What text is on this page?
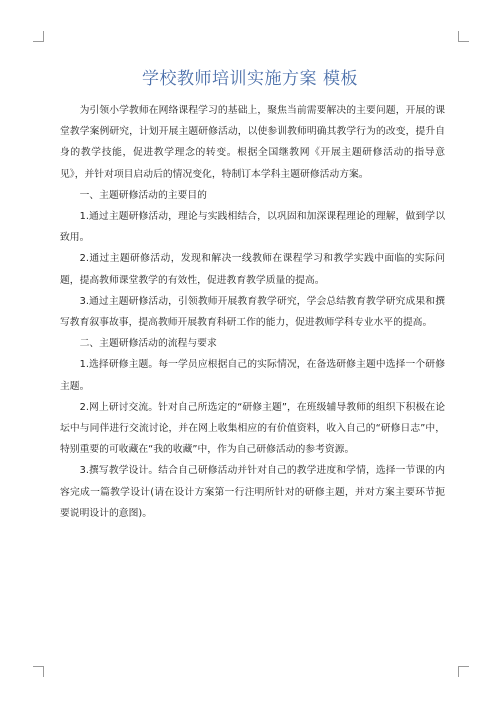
学校教师培训实施方案 模板

为引领小学教师在网络课程学习的基础上，聚焦当前需要解决的主要问题，开展的课堂教学案例研究，计划开展主题研修活动，以使参训教师明确其教学行为的改变，提升自身的教学技能，促进教学理念的转变。根据全国继教网《开展主题研修活动的指导意见》，并针对项目启动后的情况变化，特制订本学科主题研修活动方案。

一、主题研修活动的主要目的

1.通过主题研修活动，理论与实践相结合，以巩固和加深课程理论的理解，做到学以致用。

2.通过主题研修活动，发现和解决一线教师在课程学习和教学实践中面临的实际问题，提高教师课堂教学的有效性，促进教育教学质量的提高。

3.通过主题研修活动，引领教师开展教育教学研究，学会总结教育教学研究成果和撰写教育叙事故事，提高教师开展教育科研工作的能力，促进教师学科专业水平的提高。

二、主题研修活动的流程与要求

1.选择研修主题。每一学员应根据自己的实际情况，在备选研修主题中选择一个研修主题。

2.网上研讨交流。针对自己所选定的“研修主题”，在班级辅导教师的组织下积极在论坛中与同伴进行交流讨论，并在网上收集相应的有价值资料，收入自己的“研修日志”中，特别重要的可收藏在“我的收藏”中，作为自己研修活动的参考资源。

3.撰写教学设计。结合自己研修活动并针对自己的教学进度和学情，选择一节课的内容完成一篇教学设计(请在设计方案第一行注明所针对的研修主题，并对方案主要环节扼要说明设计的意图)。
